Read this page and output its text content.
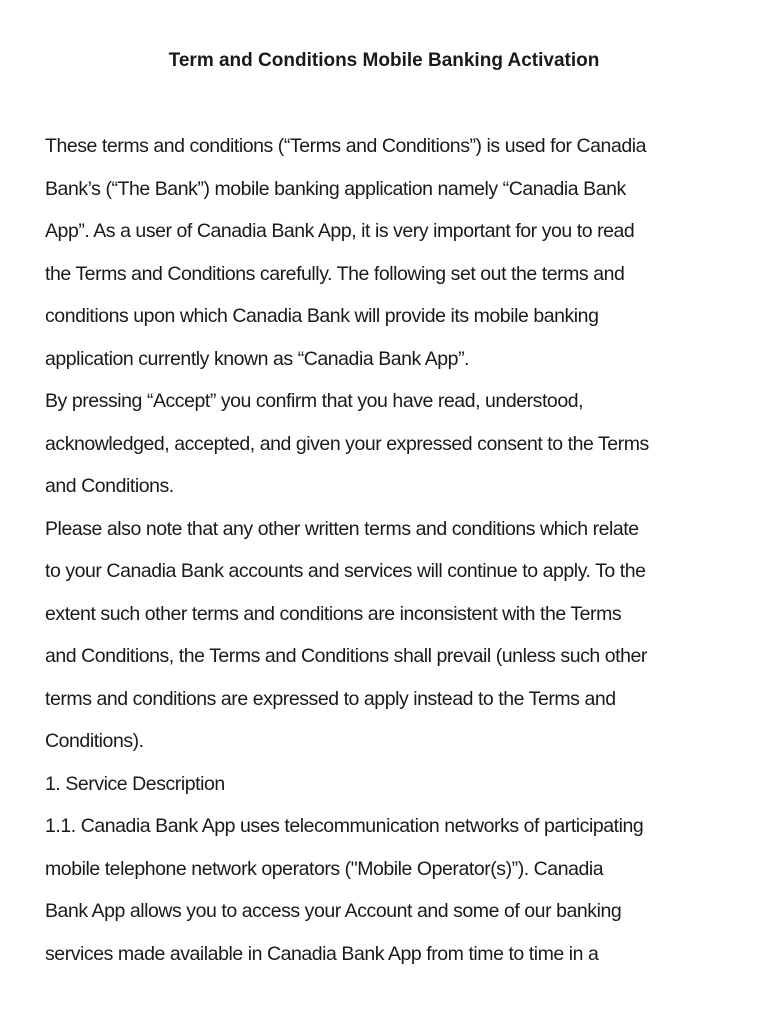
Term and Conditions Mobile Banking Activation
These terms and conditions (“Terms and Conditions”) is used for Canadia
Bank’s (“The Bank”) mobile banking application namely “Canadia Bank
App”. As a user of Canadia Bank App, it is very important for you to read
the Terms and Conditions carefully. The following set out the terms and
conditions upon which Canadia Bank will provide its mobile banking
application currently known as “Canadia Bank App”.
By pressing “Accept” you confirm that you have read, understood,
acknowledged, accepted, and given your expressed consent to the Terms
and Conditions.
Please also note that any other written terms and conditions which relate
to your Canadia Bank accounts and services will continue to apply. To the
extent such other terms and conditions are inconsistent with the Terms
and Conditions, the Terms and Conditions shall prevail (unless such other
terms and conditions are expressed to apply instead to the Terms and
Conditions).
1. Service Description
1.1. Canadia Bank App uses telecommunication networks of participating
mobile telephone network operators ("Mobile Operator(s)”). Canadia
Bank App allows you to access your Account and some of our banking
services made available in Canadia Bank App from time to time in a
